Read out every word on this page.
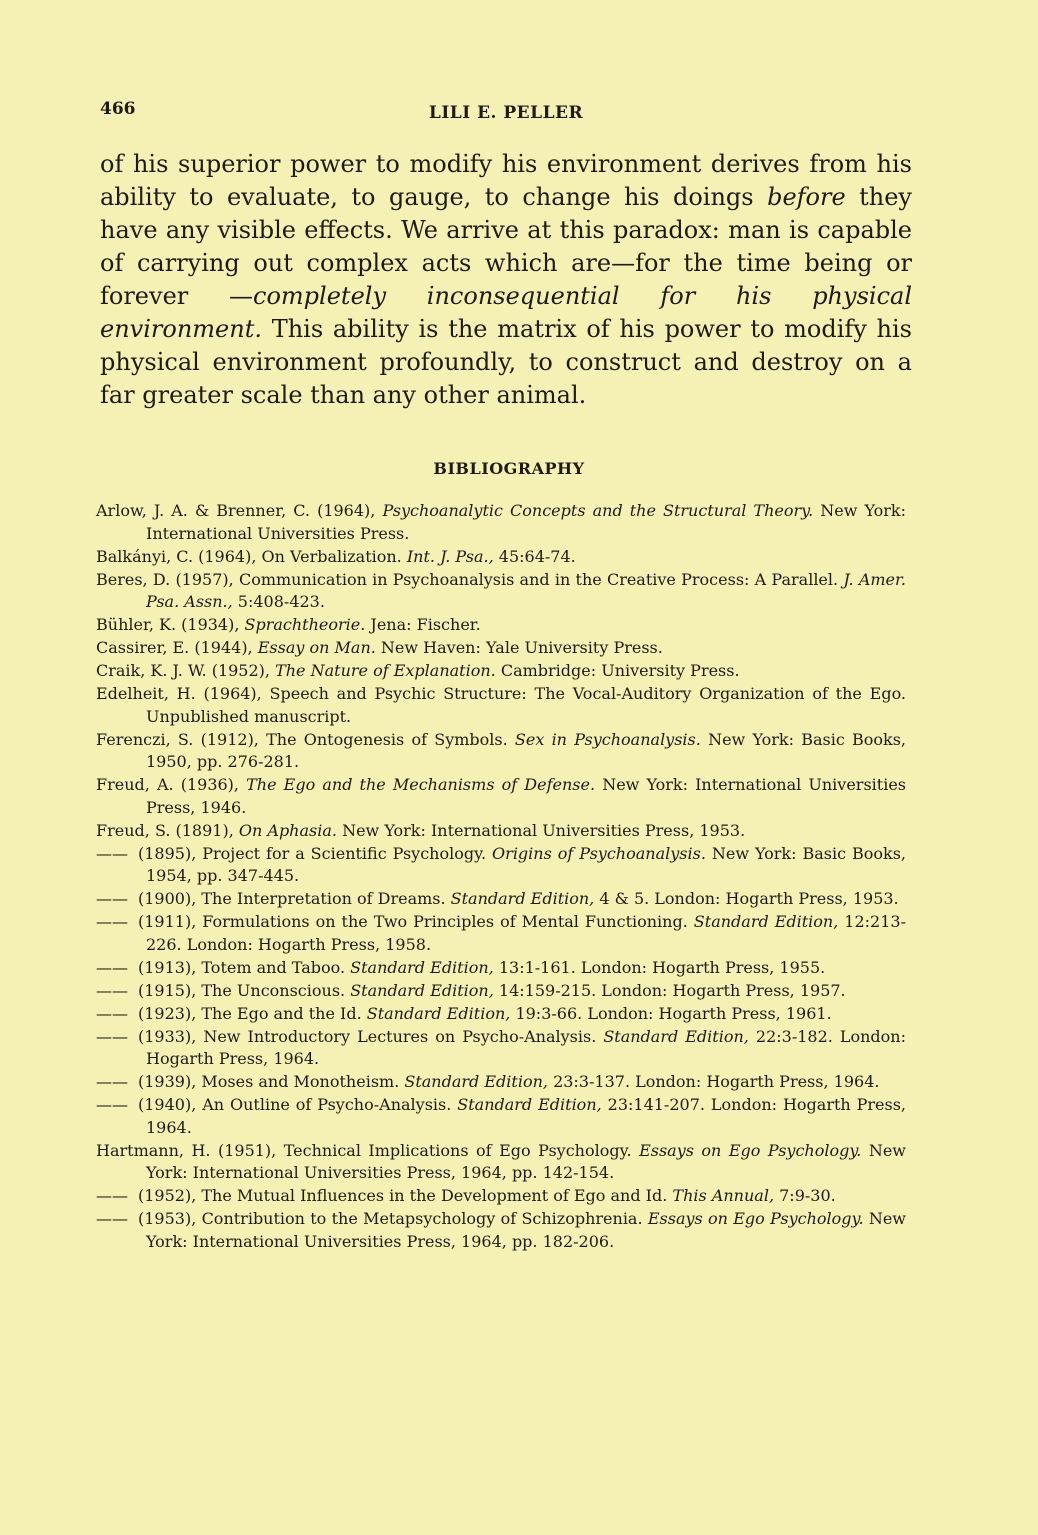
466	LILI E. PELLER

of his superior power to modify his environment derives from his ability to evaluate, to gauge, to change his doings before they have any visible effects. We arrive at this paradox: man is capable of carrying out complex acts which are—for the time being or forever —completely inconsequential for his physical environment. This ability is the matrix of his power to modify his physical environment profoundly, to construct and destroy on a far greater scale than any other animal.

BIBLIOGRAPHY

Arlow, J. A. & Brenner, C. (1964), Psychoanalytic Concepts and the Structural Theory. New York: International Universities Press.

Balkányi, C. (1964), On Verbalization. Int. J. Psa., 45:64-74.

Beres, D. (1957), Communication in Psychoanalysis and in the Creative Process: A Parallel. J. Amer. Psa. Assn., 5:408-423.

Bühler, K. (1934), Sprachtheorie. Jena: Fischer.

Cassirer, E. (1944), Essay on Man. New Haven: Yale University Press.

Craik, K. J. W. (1952), The Nature of Explanation. Cambridge: University Press.

Edelheit, H. (1964), Speech and Psychic Structure: The Vocal-Auditory Organization of the Ego. Unpublished manuscript.

Ferenczi, S. (1912), The Ontogenesis of Symbols. Sex in Psychoanalysis. New York: Basic Books, 1950, pp. 276-281.

Freud, A. (1936), The Ego and the Mechanisms of Defense. New York: International Universities Press, 1946.

Freud, S. (1891), On Aphasia. New York: International Universities Press, 1953.

—— (1895), Project for a Scientific Psychology. Origins of Psychoanalysis. New York: Basic Books, 1954, pp. 347-445.

—— (1900), The Interpretation of Dreams. Standard Edition, 4 & 5. London: Hogarth Press, 1953.

—— (1911), Formulations on the Two Principles of Mental Functioning. Standard Edition, 12:213-226. London: Hogarth Press, 1958.

—— (1913), Totem and Taboo. Standard Edition, 13:1-161. London: Hogarth Press, 1955.

—— (1915), The Unconscious. Standard Edition, 14:159-215. London: Hogarth Press, 1957.

—— (1923), The Ego and the Id. Standard Edition, 19:3-66. London: Hogarth Press, 1961.

—— (1933), New Introductory Lectures on Psycho-Analysis. Standard Edition, 22:3-182. London: Hogarth Press, 1964.

—— (1939), Moses and Monotheism. Standard Edition, 23:3-137. London: Hogarth Press, 1964.

—— (1940), An Outline of Psycho-Analysis. Standard Edition, 23:141-207. London: Hogarth Press, 1964.

Hartmann, H. (1951), Technical Implications of Ego Psychology. Essays on Ego Psychology. New York: International Universities Press, 1964, pp. 142-154.

—— (1952), The Mutual Influences in the Development of Ego and Id. This Annual, 7:9-30.

—— (1953), Contribution to the Metapsychology of Schizophrenia. Essays on Ego Psychology. New York: International Universities Press, 1964, pp. 182-206.
